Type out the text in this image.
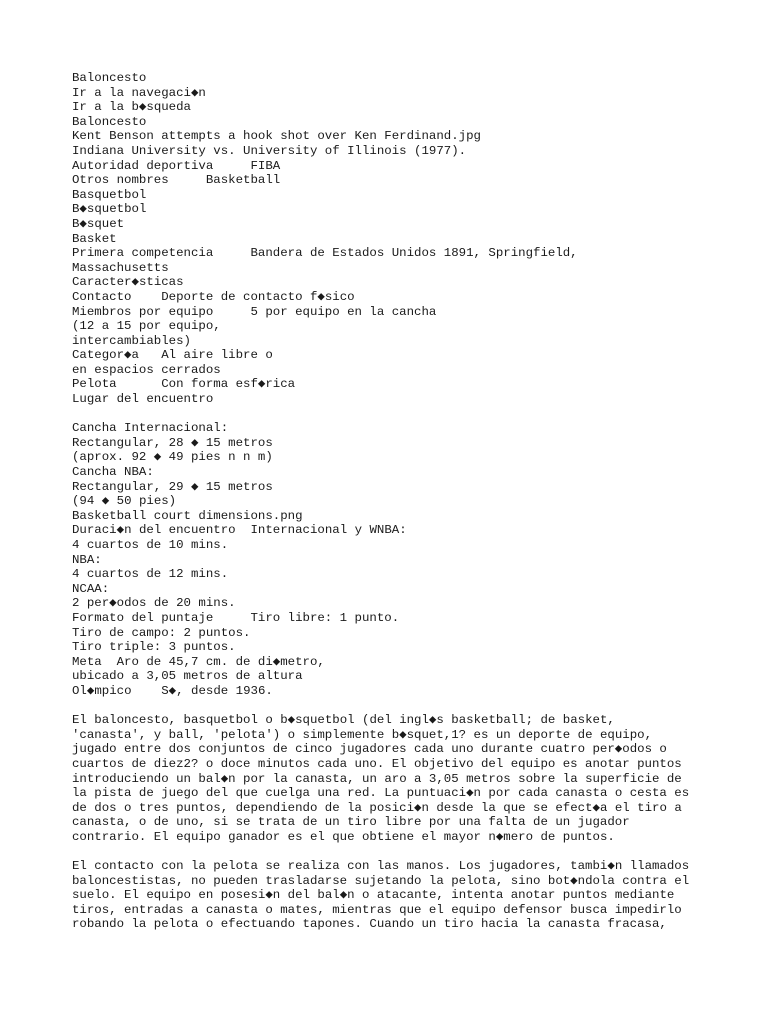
Baloncesto
Ir a la navegaci◆n
Ir a la b◆squeda
Baloncesto
Kent Benson attempts a hook shot over Ken Ferdinand.jpg
Indiana University vs. University of Illinois (1977).
Autoridad deportiva     FIBA
Otros nombres     Basketball
Basquetbol
B◆squetbol
B◆squet
Basket
Primera competencia     Bandera de Estados Unidos 1891, Springfield,
Massachusetts
Caracter◆sticas
Contacto    Deporte de contacto f◆sico
Miembros por equipo     5 por equipo en la cancha
(12 a 15 por equipo,
intercambiables)
Categor◆a   Al aire libre o
en espacios cerrados
Pelota      Con forma esf◆rica
Lugar del encuentro
Cancha Internacional:
Rectangular, 28 ◆ 15 metros
(aprox. 92 ◆ 49 pies n n m)
Cancha NBA:
Rectangular, 29 ◆ 15 metros
(94 ◆ 50 pies)
Basketball court dimensions.png
Duraci◆n del encuentro  Internacional y WNBA:
4 cuartos de 10 mins.
NBA:
4 cuartos de 12 mins.
NCAA:
2 per◆odos de 20 mins.
Formato del puntaje     Tiro libre: 1 punto.
Tiro de campo: 2 puntos.
Tiro triple: 3 puntos.
Meta  Aro de 45,7 cm. de di◆metro,
ubicado a 3,05 metros de altura
Ol◆mpico    S◆, desde 1936.
El baloncesto, basquetbol o b◆squetbol (del ingl◆s basketball; de basket,
'canasta', y ball, 'pelota') o simplemente b◆squet,1? es un deporte de equipo,
jugado entre dos conjuntos de cinco jugadores cada uno durante cuatro per◆odos o
cuartos de diez2? o doce minutos cada uno. El objetivo del equipo es anotar puntos
introduciendo un bal◆n por la canasta, un aro a 3,05 metros sobre la superficie de
la pista de juego del que cuelga una red. La puntuaci◆n por cada canasta o cesta es
de dos o tres puntos, dependiendo de la posici◆n desde la que se efect◆a el tiro a
canasta, o de uno, si se trata de un tiro libre por una falta de un jugador
contrario. El equipo ganador es el que obtiene el mayor n◆mero de puntos.
El contacto con la pelota se realiza con las manos. Los jugadores, tambi◆n llamados
baloncestistas, no pueden trasladarse sujetando la pelota, sino bot◆ndola contra el
suelo. El equipo en posesi◆n del bal◆n o atacante, intenta anotar puntos mediante
tiros, entradas a canasta o mates, mientras que el equipo defensor busca impedirlo
robando la pelota o efectuando tapones. Cuando un tiro hacia la canasta fracasa,
